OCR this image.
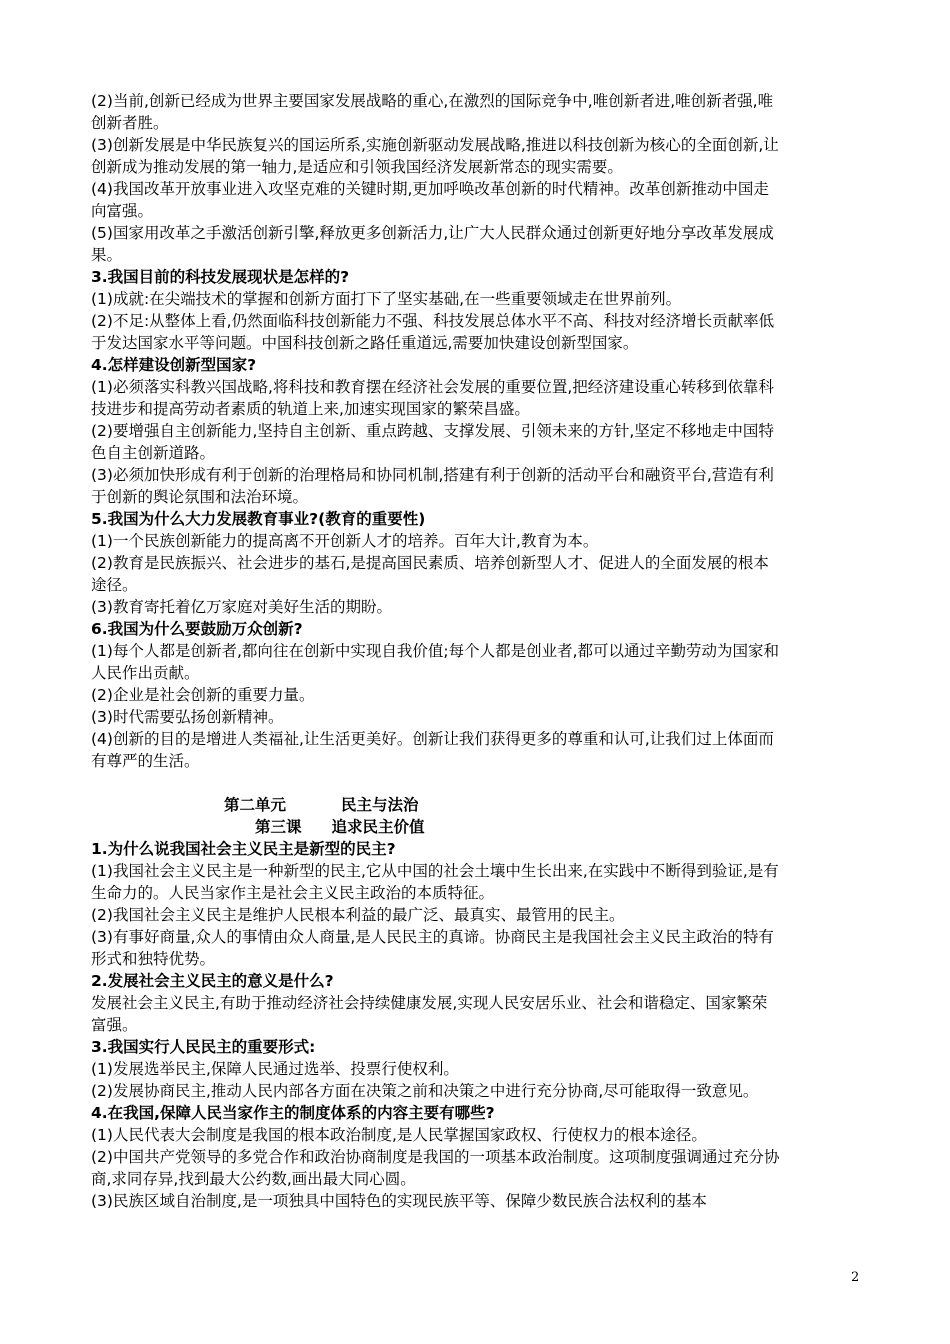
(2)当前,创新已经成为世界主要国家发展战略的重心,在激烈的国际竞争中,唯创新者进,唯创新者强,唯创新者胜。

(3)创新发展是中华民族复兴的国运所系,实施创新驱动发展战略,推进以科技创新为核心的全面创新,让创新成为推动发展的第一轴力,是适应和引领我国经济发展新常态的现实需要。

(4)我国改革开放事业进入攻坚克难的关键时期,更加呼唤改革创新的时代精神。改革创新推动中国走向富强。

(5)国家用改革之手激活创新引擎,释放更多创新活力,让广大人民群众通过创新更好地分享改革发展成果。

3.我国目前的科技发展现状是怎样的?

(1)成就:在尖端技术的掌握和创新方面打下了坚实基础,在一些重要领域走在世界前列。

(2)不足:从整体上看,仍然面临科技创新能力不强、科技发展总体水平不高、科技对经济增长贡献率低于发达国家水平等问题。中国科技创新之路任重道远,需要加快建设创新型国家。

4.怎样建设创新型国家?

(1)必须落实科教兴国战略,将科技和教育摆在经济社会发展的重要位置,把经济建设重心转移到依靠科技进步和提高劳动者素质的轨道上来,加速实现国家的繁荣昌盛。

(2)要增强自主创新能力,坚持自主创新、重点跨越、支撑发展、引领未来的方针,坚定不移地走中国特色自主创新道路。

(3)必须加快形成有利于创新的治理格局和协同机制,搭建有利于创新的活动平台和融资平台,营造有利于创新的舆论氛围和法治环境。

5.我国为什么大力发展教育事业?(教育的重要性)

(1)一个民族创新能力的提高离不开创新人才的培养。百年大计,教育为本。

(2)教育是民族振兴、社会进步的基石,是提高国民素质、培养创新型人才、促进人的全面发展的根本途径。

(3)教育寄托着亿万家庭对美好生活的期盼。

6.我国为什么要鼓励万众创新?

(1)每个人都是创新者,都向往在创新中实现自我价值;每个人都是创业者,都可以通过辛勤劳动为国家和人民作出贡献。

(2)企业是社会创新的重要力量。

(3)时代需要弘扬创新精神。

(4)创新的目的是增进人类福祉,让生活更美好。创新让我们获得更多的尊重和认可,让我们过上体面而有尊严的生活。

第二单元	民主与法治
第三课 追求民主价值

1.为什么说我国社会主义民主是新型的民主?

(1)我国社会主义民主是一种新型的民主,它从中国的社会土壤中生长出来,在实践中不断得到验证,是有生命力的。人民当家作主是社会主义民主政治的本质特征。

(2)我国社会主义民主是维护人民根本利益的最广泛、最真实、最管用的民主。

(3)有事好商量,众人的事情由众人商量,是人民民主的真谛。协商民主是我国社会主义民主政治的特有形式和独特优势。

2.发展社会主义民主的意义是什么?

发展社会主义民主,有助于推动经济社会持续健康发展,实现人民安居乐业、社会和谐稳定、国家繁荣富强。

3.我国实行人民民主的重要形式:

(1)发展选举民主,保障人民通过选举、投票行使权利。

(2)发展协商民主,推动人民内部各方面在决策之前和决策之中进行充分协商,尽可能取得一致意见。

4.在我国,保障人民当家作主的制度体系的内容主要有哪些?

(1)人民代表大会制度是我国的根本政治制度,是人民掌握国家政权、行使权力的根本途径。

(2)中国共产党领导的多党合作和政治协商制度是我国的一项基本政治制度。这项制度强调通过充分协商,求同存异,找到最大公约数,画出最大同心圆。

(3)民族区域自治制度,是一项独具中国特色的实现民族平等、保障少数民族合法权利的基本

2
